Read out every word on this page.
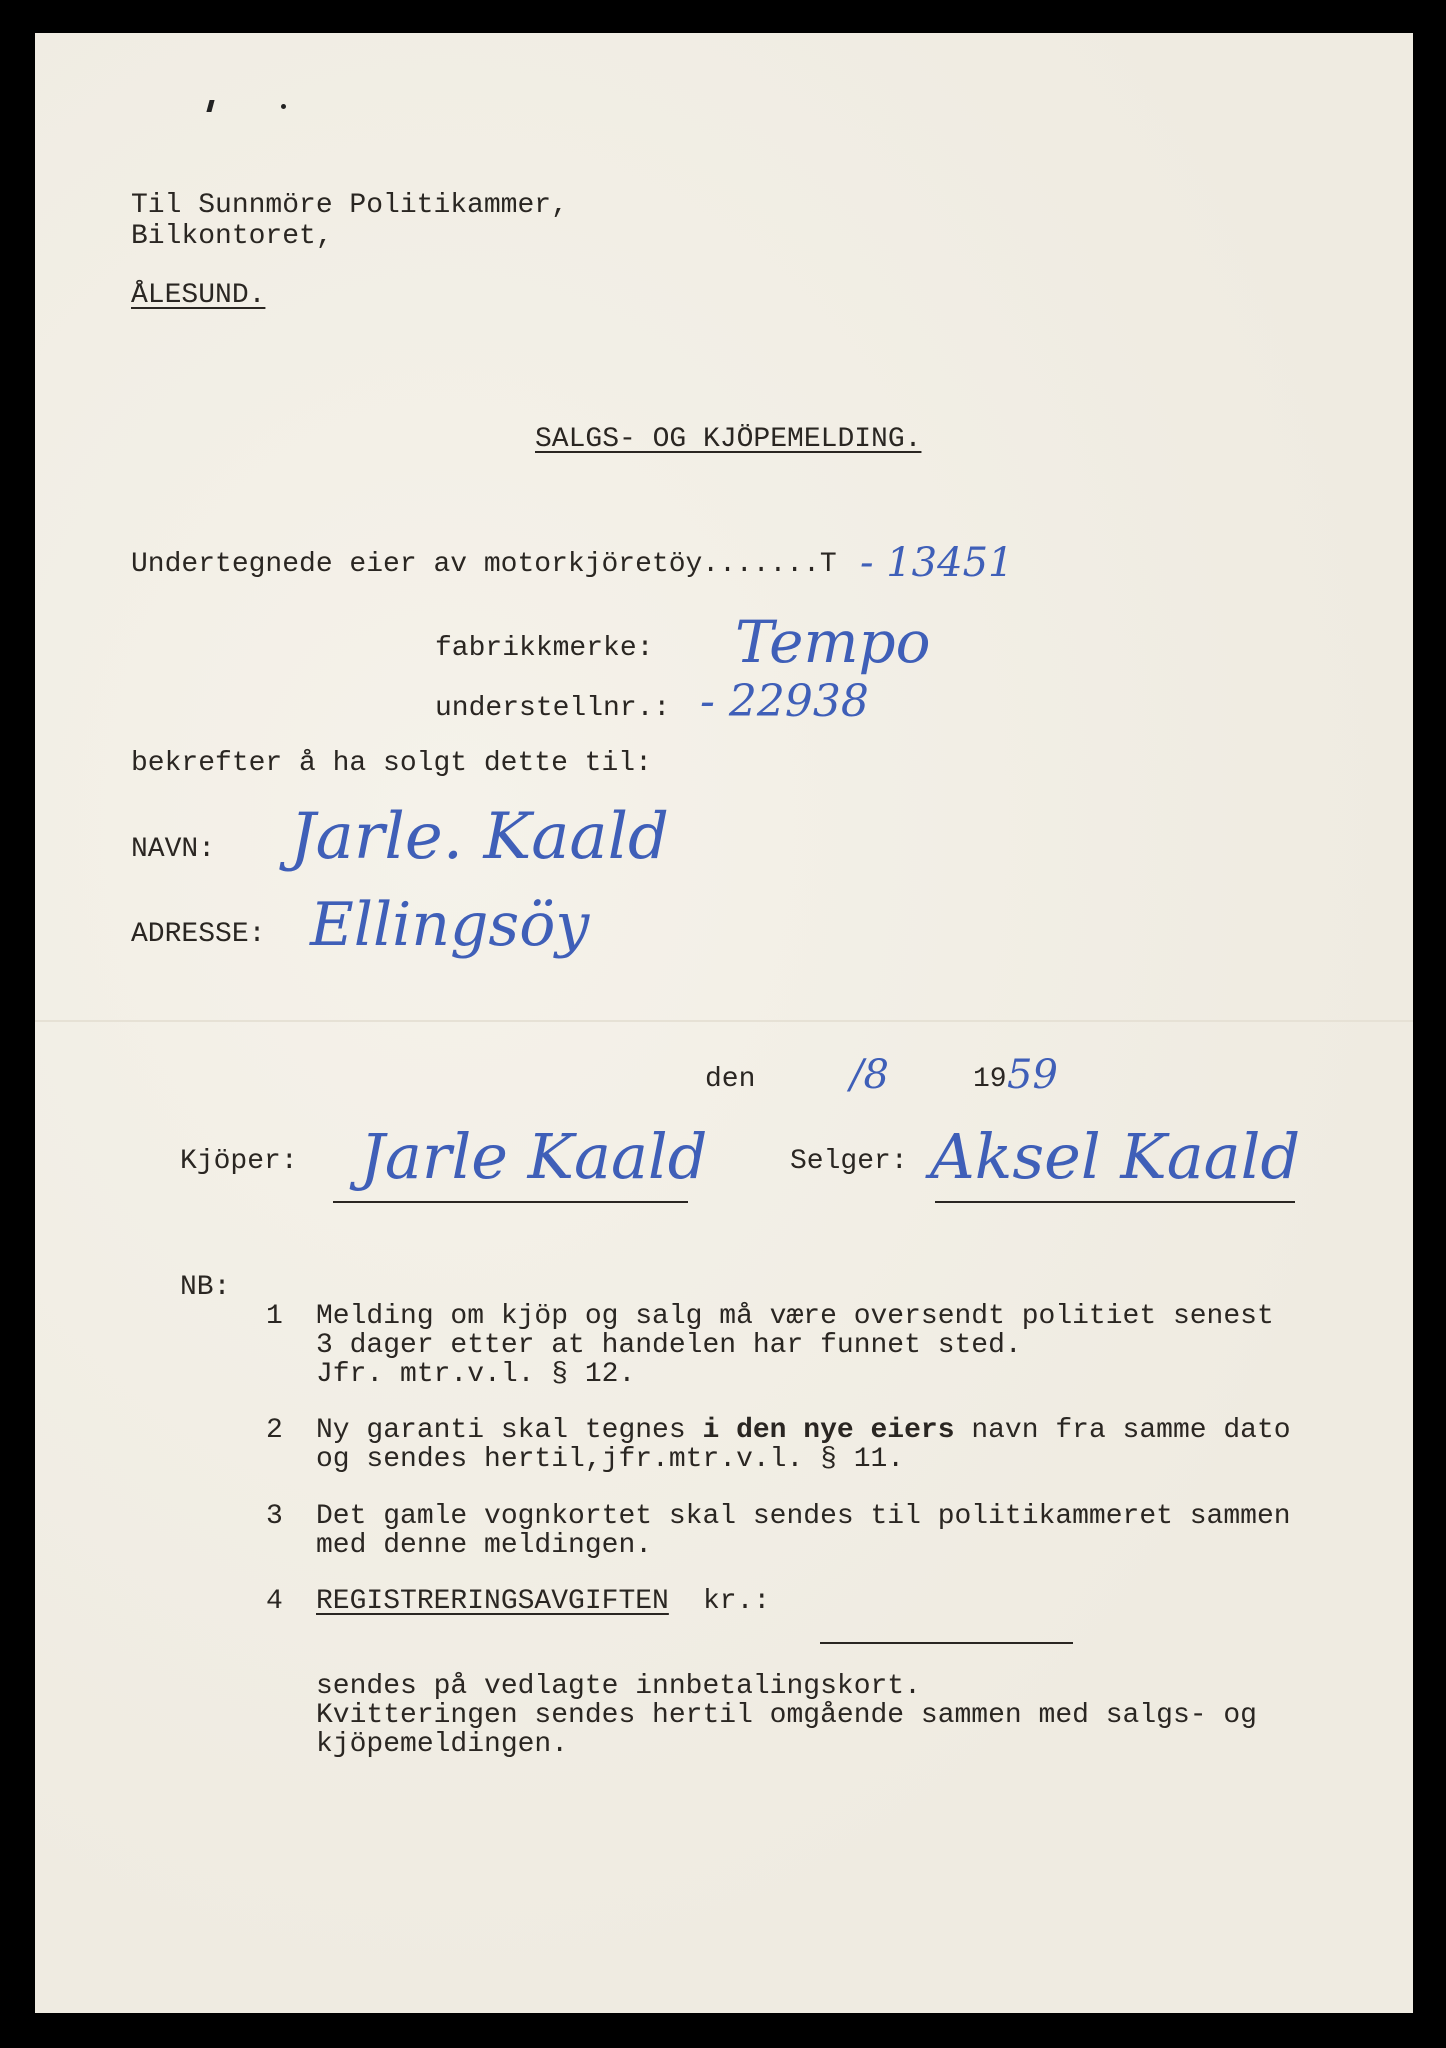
Til Sunnmöre Politikammer,
Bilkontoret,
ÅLESUND.
SALGS- OG KJÖPEMELDING.
Undertegnede eier av motorkjöretöy.......T - 13451
fabrikkmerke: Tempo
understellnr.: - 22938
bekrefter å ha solgt dette til:
NAVN: Jarle. Kaald
ADRESSE: Ellingsöy
den /8	19 59
Kjöper: Jarle Kaald	Selger: Aksel Kaald
NB:
1 Melding om kjöp og salg må være oversendt politiet senest
3 dager etter at handelen har funnet sted.
Jfr. mtr.v.l. § 12.
2 Ny garanti skal tegnes i den nye eiers navn fra samme dato
og sendes hertil,jfr.mtr.v.l. § 11.
3 Det gamle vognkortet skal sendes til politikammeret sammen
med denne meldingen.
4 REGISTRERINGSAVGIFTEN kr.:
sendes på vedlagte innbetalingskort.
Kvitteringen sendes hertil omgående sammen med salgs- og
kjöpemeldingen.
